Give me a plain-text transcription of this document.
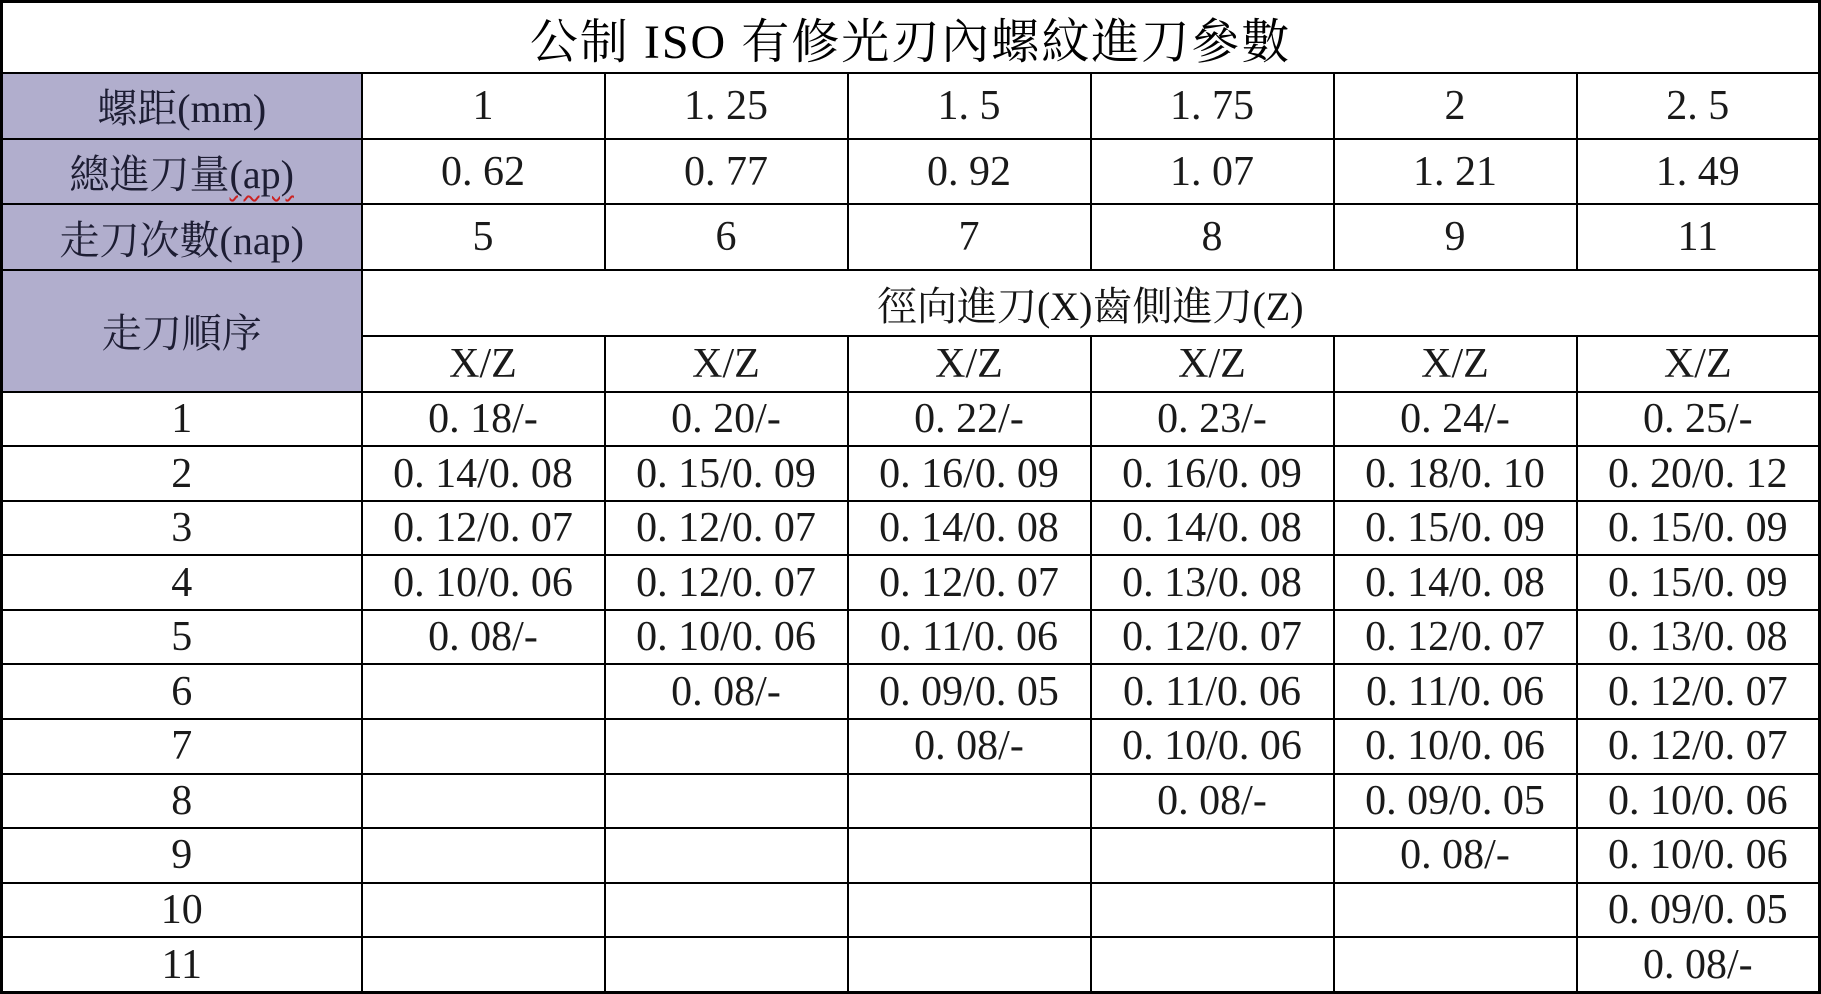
公制 ISO 有修光刃內螺紋進刀參數						
螺距(mm)	1	1. 25	1. 5	1. 75	2	2. 5
總進刀量(ap)	0. 62	0. 77	0. 92	1. 07	1. 21	1. 49
走刀次數(nap)	5	6	7	8	9	11
走刀順序	徑向進刀(X)齒側進刀(Z)					
	X/Z	X/Z	X/Z	X/Z	X/Z	X/Z
1	0. 18/-	0. 20/-	0. 22/-	0. 23/-	0. 24/-	0. 25/-
2	0. 14/0. 08	0. 15/0. 09	0. 16/0. 09	0. 16/0. 09	0. 18/0. 10	0. 20/0. 12
3	0. 12/0. 07	0. 12/0. 07	0. 14/0. 08	0. 14/0. 08	0. 15/0. 09	0. 15/0. 09
4	0. 10/0. 06	0. 12/0. 07	0. 12/0. 07	0. 13/0. 08	0. 14/0. 08	0. 15/0. 09
5	0. 08/-	0. 10/0. 06	0. 11/0. 06	0. 12/0. 07	0. 12/0. 07	0. 13/0. 08
6		0. 08/-	0. 09/0. 05	0. 11/0. 06	0. 11/0. 06	0. 12/0. 07
7			0. 08/-	0. 10/0. 06	0. 10/0. 06	0. 12/0. 07
8				0. 08/-	0. 09/0. 05	0. 10/0. 06
9					0. 08/-	0. 10/0. 06
10						0. 09/0. 05
11						0. 08/-
